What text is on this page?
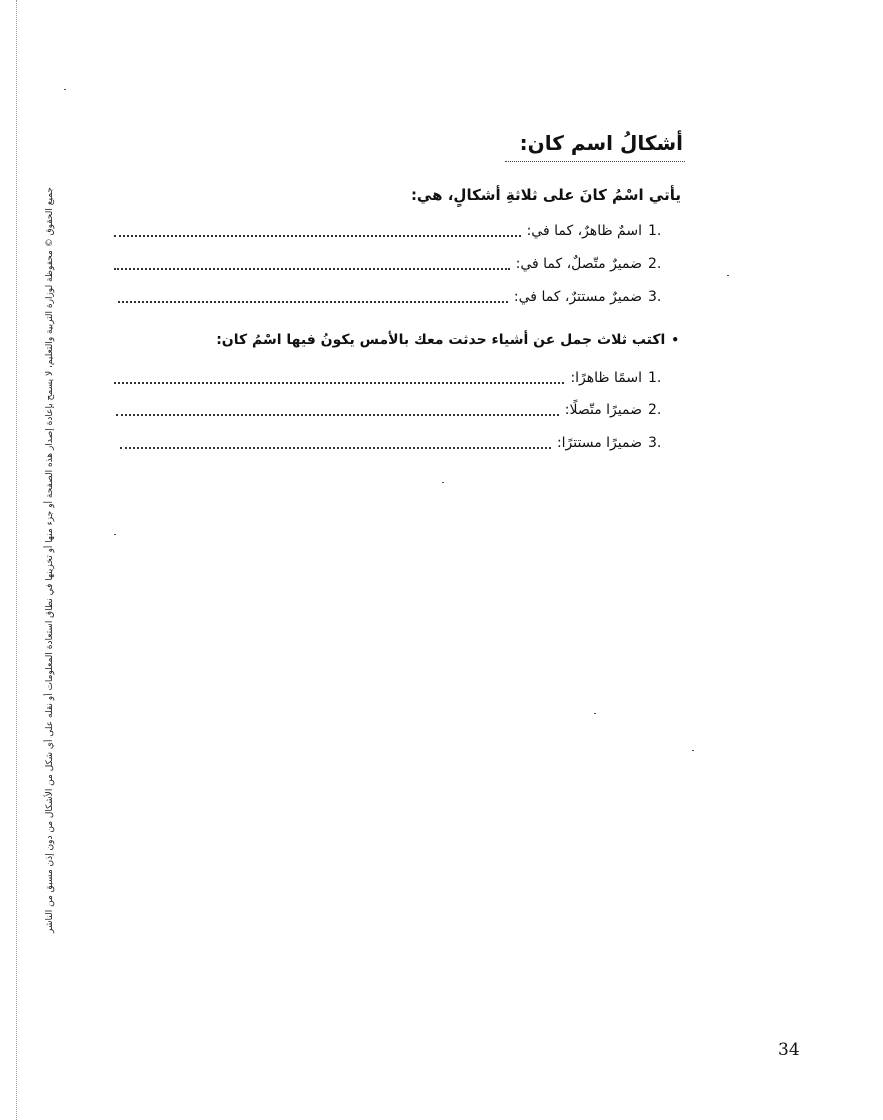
جميع الحقوق © محفوظة لوزارة التربية والتعليم، لا يسمح بإعادة إصدار هذه الصفحة أو جزء منها أو تخزينها في نطاق استعادة المعلومات أو نقله على أي شكل من الأشكال من دون إذن مسبق من الناشر
أشكالُ اسم كان:
يأتي اسْمُ كانَ على ثلاثةِ أشكالٍ، هي:
1.
اسمٌ ظاهرٌ، كما في:
2.
ضميرٌ متّصلٌ، كما في:
3.
ضميرٌ مستترٌ، كما في:
•
اكتب ثلاث جمل عن أشياء حدثت معك بالأمس يكونُ فيها اسْمُ كان:
1.
اسمًا ظاهرًا:
2.
ضميرًا متّصلًا:
3.
ضميرًا مستترًا:
34
